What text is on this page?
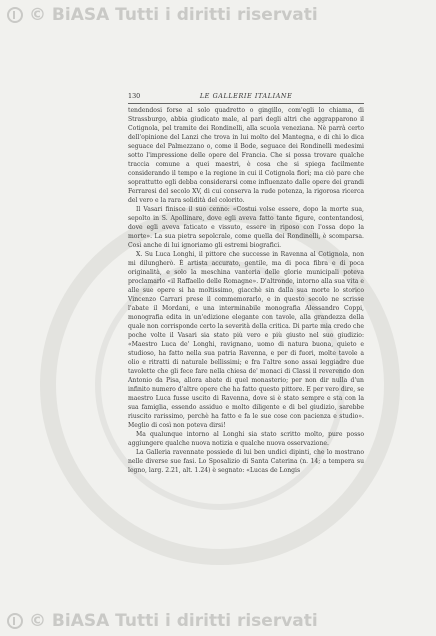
© BiASA Tutti i diritti riservati
130	LE GALLERIE ITALIANE

tendendosi forse al solo quadretto o gingillo, com'egli lo chiama, di Strassburgo, abbia giudicato male, al pari degli altri che aggrapparono il Cotignola, pel tramite dei Rondinelli, alla scuola veneziana. Nè parrà certo dell'opinione del Lanzi che trova in lui molto del Mantegna, e di chi lo dica seguace del Palmezzano o, come il Bode, seguace dei Rondinelli medesimi sotto l'impressione delle opere del Francia. Che si possa trovare qualche traccia comune a quei maestri, è cosa che si spiega facilmente considerando il tempo e la regione in cui il Cotignola fiorì; ma ciò pare che soprattutto egli debba considerarsi come influenzato dalle opere dei grandi Ferraresi del secolo XV, di cui conserva la rude potenza, la rigorosa ricerca del vero e la rara solidità del colorito.

Il Vasari finisce il suo cenno: «Costui volse essere, dopo la morte sua, sepolto in S. Apollinare, dove egli aveva fatto tante figure, contentandosi, dove egli aveva faticato e vissuto, essere in riposo con l'ossa dopo la morte». La sua pietra sepolcrale, come quella dei Rondinelli, è scomparsa. Così anche di lui ignoriamo gli estremi biografici.

X. Su Luca Longhi, il pittore che successe in Ravenna al Cotignola, non mi dilungherò. È artista accurato, gentile, ma di poca fibra e di poca originalità, e solo la meschina vanteria delle glorie municipali poteva proclamarlo «il Raffaello delle Romagne». D'altronde, intorno alla sua vita e alle sue opere si ha moltissimo, giacchè sin dalla sua morte lo storico Vincenzo Carrari prese il commemorarlo, e in questo secolo ne scrisse l'abate il Mordani, e una interminabile monografia Alessandro Coppi, monografia edita in un'edizione elegante con tavole, alla grandezza della quale non corrisponde certo la severità della critica. Di parte mia credo che poche volte il Vasari sia stato più vero e più giusto nel suo giudizio: «Maestro Luca de' Longhi, ravignano, uomo di natura buona, quieto e studioso, ha fatto nella sua patria Ravenna, e per di fuori, molte tavole a olio e ritratti di naturale bellissimi; e fra l'altre sono assai leggiadre due tavolette che gli fece fare nella chiesa de' monaci di Classi il reverendo don Antonio da Pisa, allora abate di quel monasterio; per non dir nulla d'un infinito numero d'altre opere che ha fatto questo pittore. E per vero dire, se maestro Luca fusse uscito di Ravenna, dove si è stato sempre e sta con la sua famiglia, essendo assiduo e molto diligente e di bel giudizio, sarebbe riuscito rarissimo, perchè ha fatto e fa le sue cose con pacienza e studio». Meglio di così non poteva dirsi!

Ma qualunque intorno al Longhi sia stato scritto molto, pure posso aggiungere qualche nuova notizia e qualche nuova osservazione.

La Galleria ravennate possiede di lui ben undici dipinti, che lo mostrano nelle diverse sue fasi. Lo Sposalizio di Santa Caterina (n. 14; a tempera su legno, larg. 2.21, alt. 1.24) è segnato: «Lucas de Longis

© BiASA Tutti i diritti riservati
